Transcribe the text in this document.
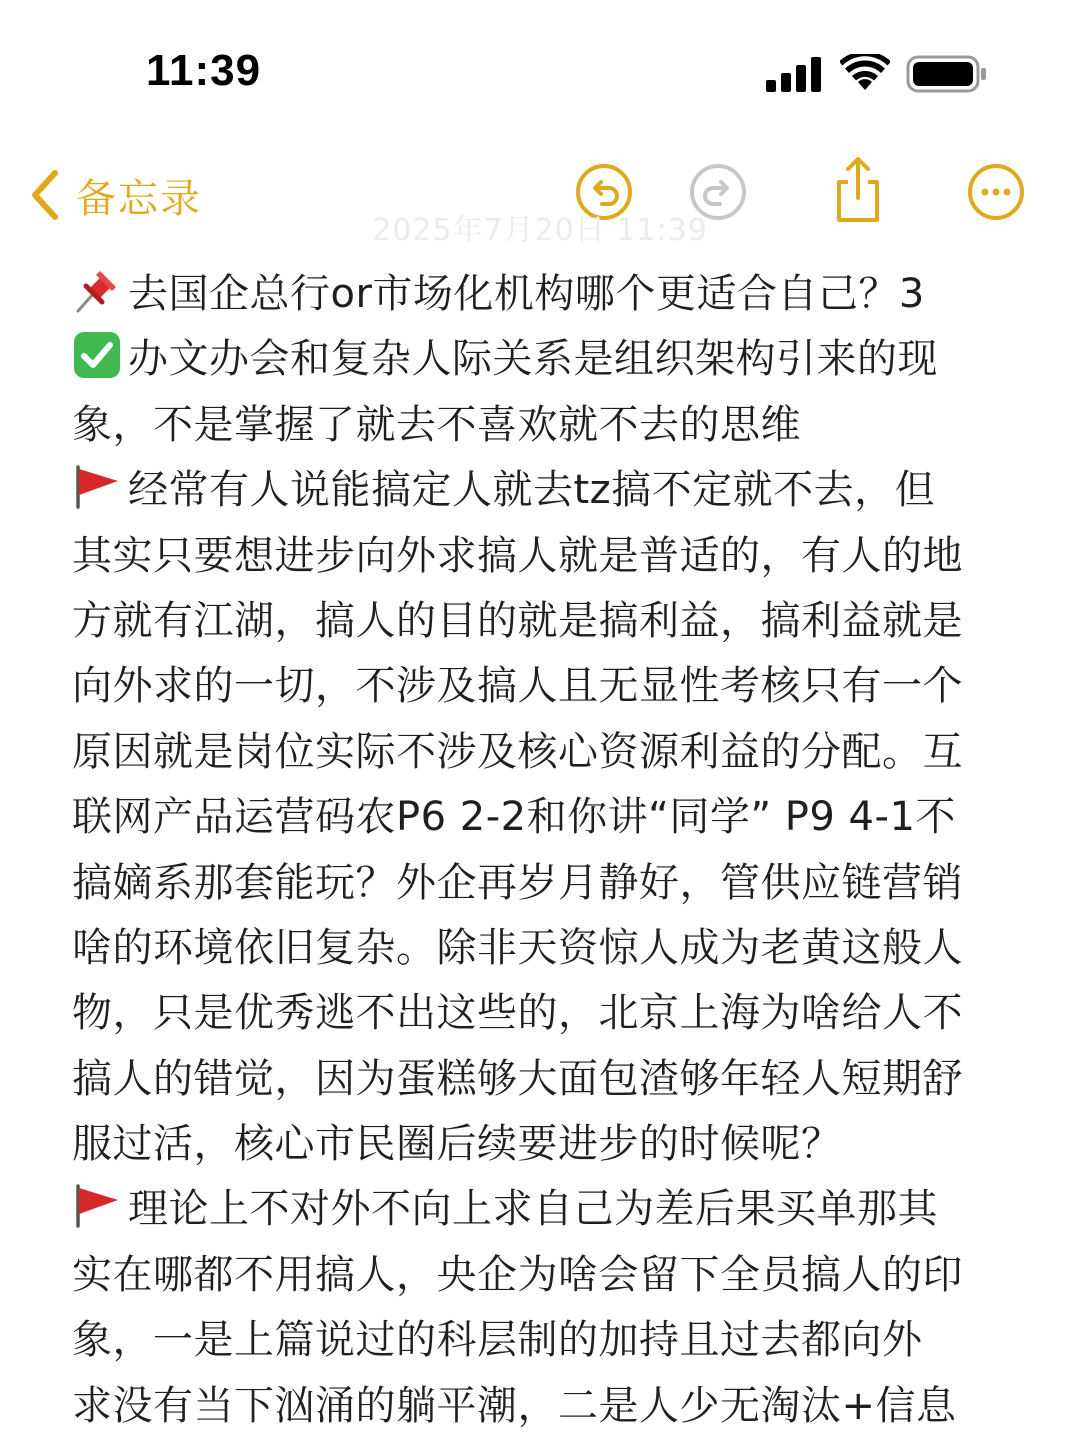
11:39
备忘录
2025年7月20日 11:39
去国企总行or市场化机构哪个更适合自己？3
办文办会和复杂人际关系是组织架构引来的现
象，不是掌握了就去不喜欢就不去的思维
经常有人说能搞定人就去tz搞不定就不去，但
其实只要想进步向外求搞人就是普适的，有人的地
方就有江湖，搞人的目的就是搞利益，搞利益就是
向外求的一切，不涉及搞人且无显性考核只有一个
原因就是岗位实际不涉及核心资源利益的分配。互
联网产品运营码农P6 2-2和你讲“同学” P9 4-1不
搞嫡系那套能玩？外企再岁月静好，管供应链营销
啥的环境依旧复杂。除非天资惊人成为老黄这般人
物，只是优秀逃不出这些的，北京上海为啥给人不
搞人的错觉，因为蛋糕够大面包渣够年轻人短期舒
服过活，核心市民圈后续要进步的时候呢？
理论上不对外不向上求自己为差后果买单那其
实在哪都不用搞人，央企为啥会留下全员搞人的印
象，一是上篇说过的科层制的加持且过去都向外
求没有当下汹涌的躺平潮，二是人少无淘汰+信息
